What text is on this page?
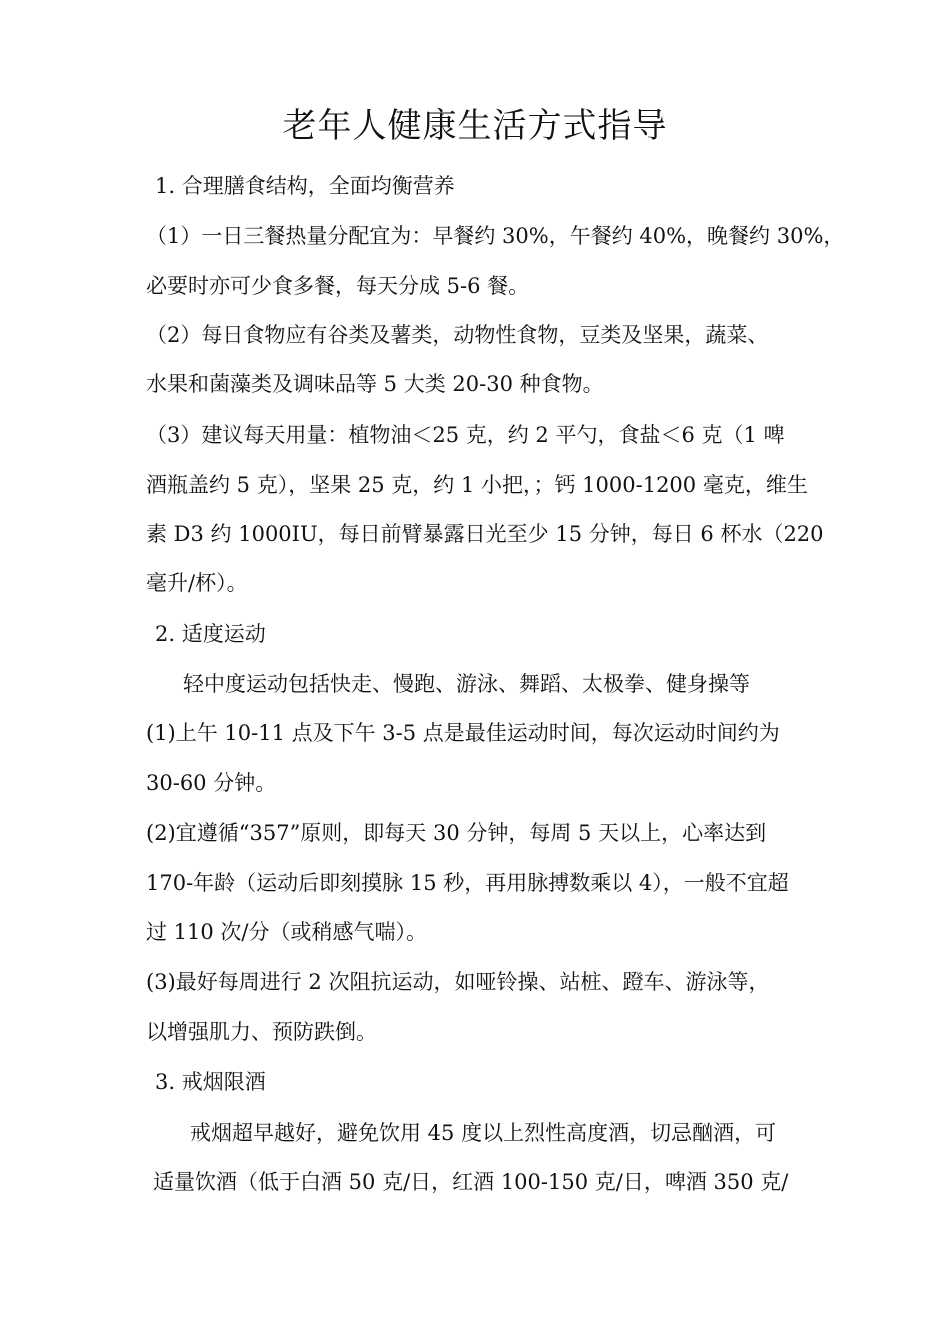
老年人健康生活方式指导
1. 合理膳食结构，全面均衡营养
（1）一日三餐热量分配宜为：早餐约 30%，午餐约 40%，晚餐约 30%，
必要时亦可少食多餐，每天分成 5-6 餐。
（2）每日食物应有谷类及薯类，动物性食物，豆类及坚果，蔬菜、
水果和菌藻类及调味品等 5 大类 20-30 种食物。
（3）建议每天用量：植物油＜25 克，约 2 平勺，食盐＜6 克（1 啤
酒瓶盖约 5 克），坚果 25 克，约 1 小把，；钙 1000-1200 毫克，维生
素 D3 约 1000IU，每日前臂暴露日光至少 15 分钟，每日 6 杯水（220
毫升/杯）。
2. 适度运动
轻中度运动包括快走、慢跑、游泳、舞蹈、太极拳、健身操等
(1)上午 10-11 点及下午 3-5 点是最佳运动时间，每次运动时间约为
30-60 分钟。
(2)宜遵循“357”原则，即每天 30 分钟，每周 5 天以上，心率达到
170-年龄（运动后即刻摸脉 15 秒，再用脉搏数乘以 4），一般不宜超
过 110 次/分（或稍感气喘）。
(3)最好每周进行 2 次阻抗运动，如哑铃操、站桩、蹬车、游泳等，
以增强肌力、预防跌倒。
3. 戒烟限酒
戒烟超早越好，避免饮用 45 度以上烈性高度酒，切忌酗酒，可
适量饮酒（低于白酒 50 克/日，红酒 100-150 克/日，啤酒 350 克/
